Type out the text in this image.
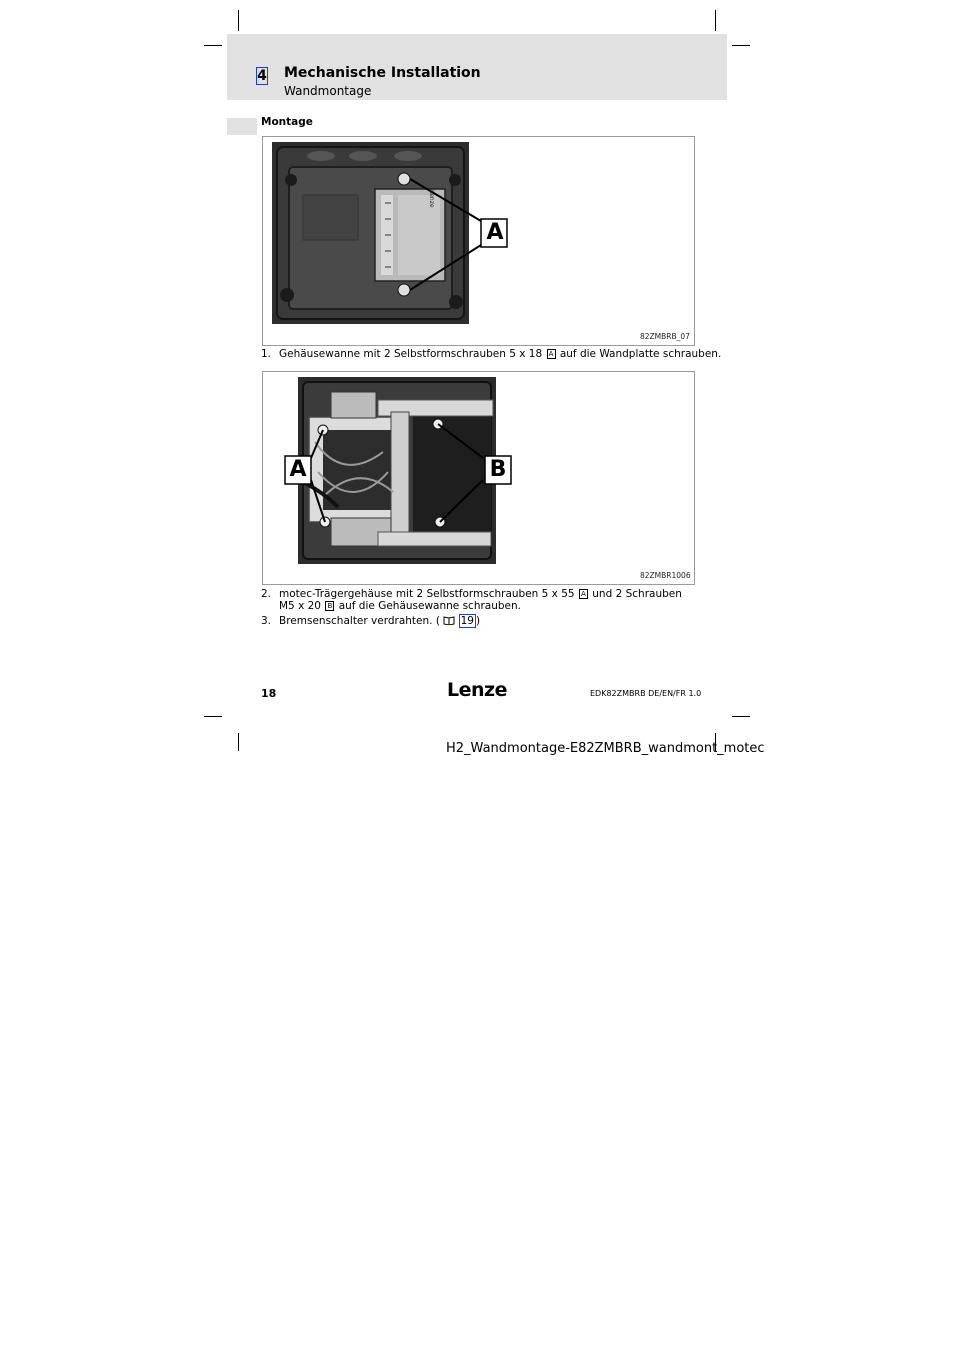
4 Mechanische Installation
Wandmontage
Montage
A
Lenze
82ZMBRB_07
1. Gehäusewanne mit 2 Selbstformschrauben 5 x 18 A auf die Wandplatte schrauben.
A	B
82ZMBR1006
2. motec-Trägergehäuse mit 2 Selbstformschrauben 5 x 55 A und 2 Schrauben
M5 x 20 B auf die Gehäusewanne schrauben.
3. Bremsenschalter verdrahten. ( 19 )
18	Lenze	EDK82ZMBRB DE/EN/FR 1.0
H2_Wandmontage-E82ZMBRB_wandmont_motec
